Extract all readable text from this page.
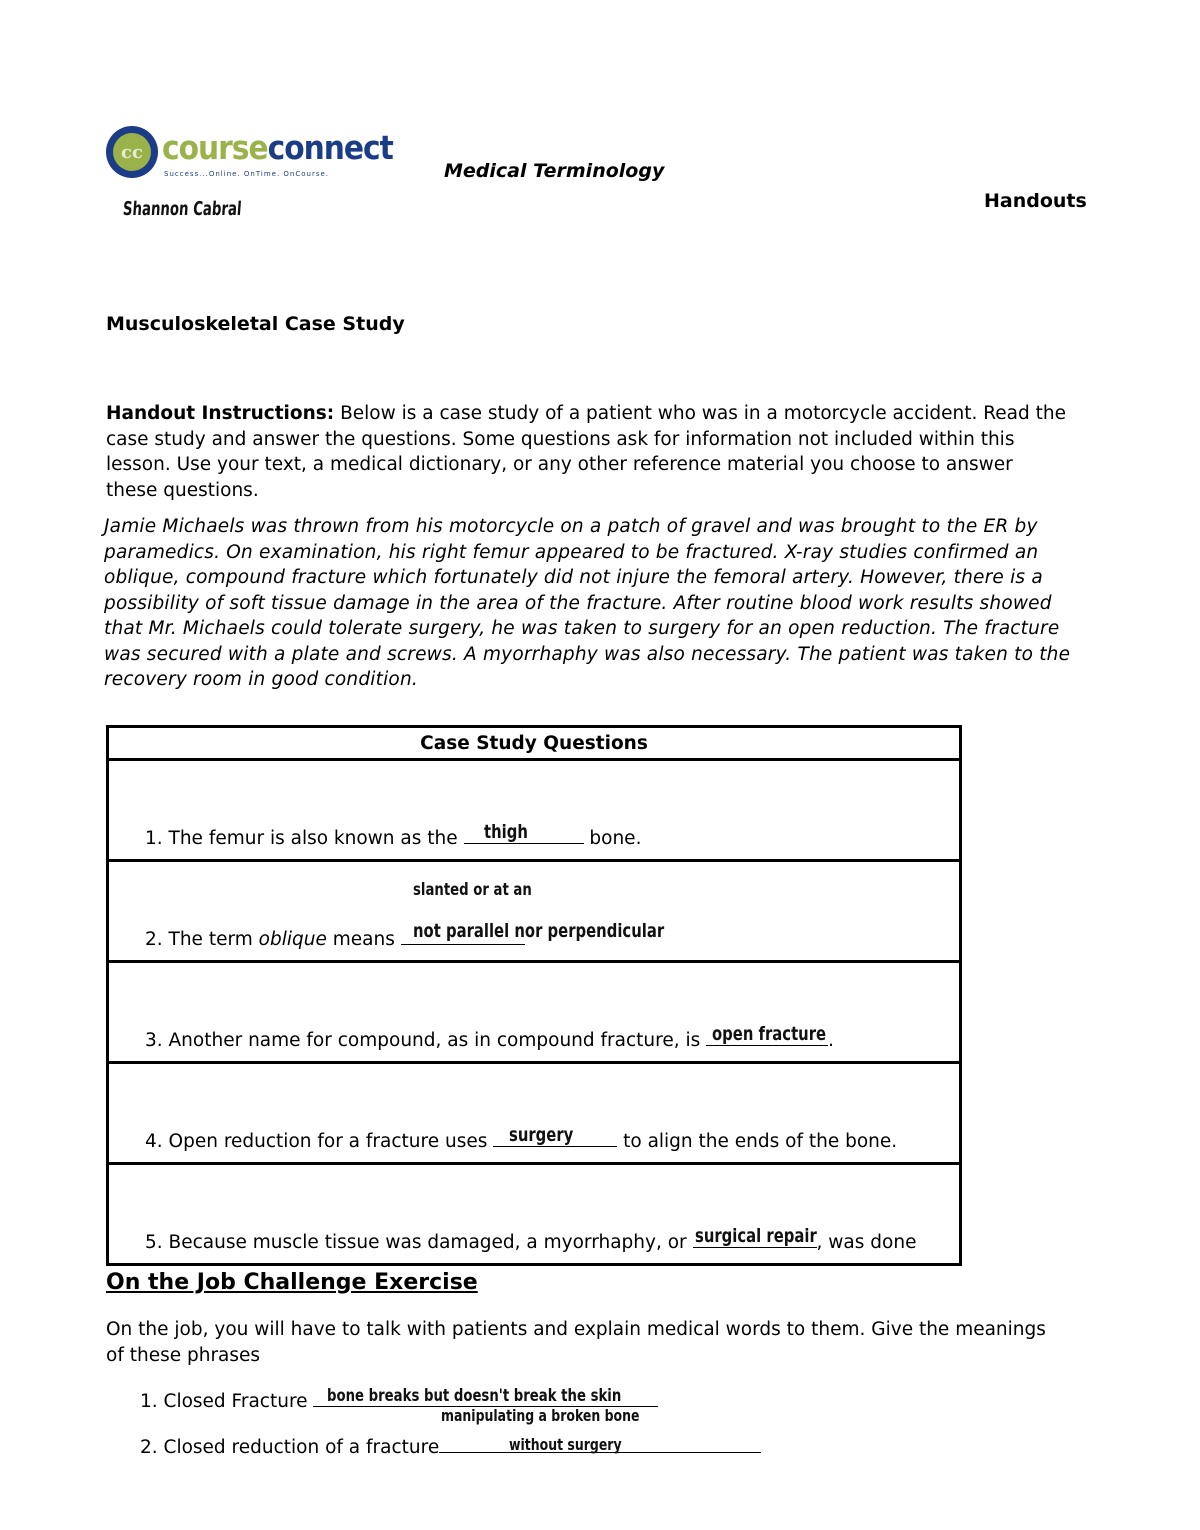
cc courseconnect
Success...Online. OnTime. OnCourse.
Shannon Cabral
Medical Terminology
Handouts
Musculoskeletal Case Study
Handout Instructions: Below is a case study of a patient who was in a motorcycle accident. Read the case study and answer the questions. Some questions ask for information not included within this lesson. Use your text, a medical dictionary, or any other reference material you choose to answer these questions.
Jamie Michaels was thrown from his motorcycle on a patch of gravel and was brought to the ER by paramedics. On examination, his right femur appeared to be fractured. X-ray studies confirmed an oblique, compound fracture which fortunately did not injure the femoral artery. However, there is a possibility of soft tissue damage in the area of the fracture. After routine blood work results showed that Mr. Michaels could tolerate surgery, he was taken to surgery for an open reduction. The fracture was secured with a plate and screws. A myorrhaphy was also necessary. The patient was taken to the recovery room in good condition.
Case Study Questions
1. The femur is also known as the thigh	bone.
2. The term oblique means
slanted or at an
not parallel nor perpendicular

3. Another name for compound, as in compound fracture, is open fracture .
4. Open reduction for a fracture uses surgery to align the ends of the bone.
5. Because muscle tissue was damaged, a myorrhaphy, or surgical repair , was done
On the Job Challenge Exercise
On the job, you will have to talk with patients and explain medical words to them. Give the meanings of these phrases
1. Closed Fracture bone breaks but doesn't break the skin
2. Closed reduction of a fracture
manipulating a broken bone
without surgery
